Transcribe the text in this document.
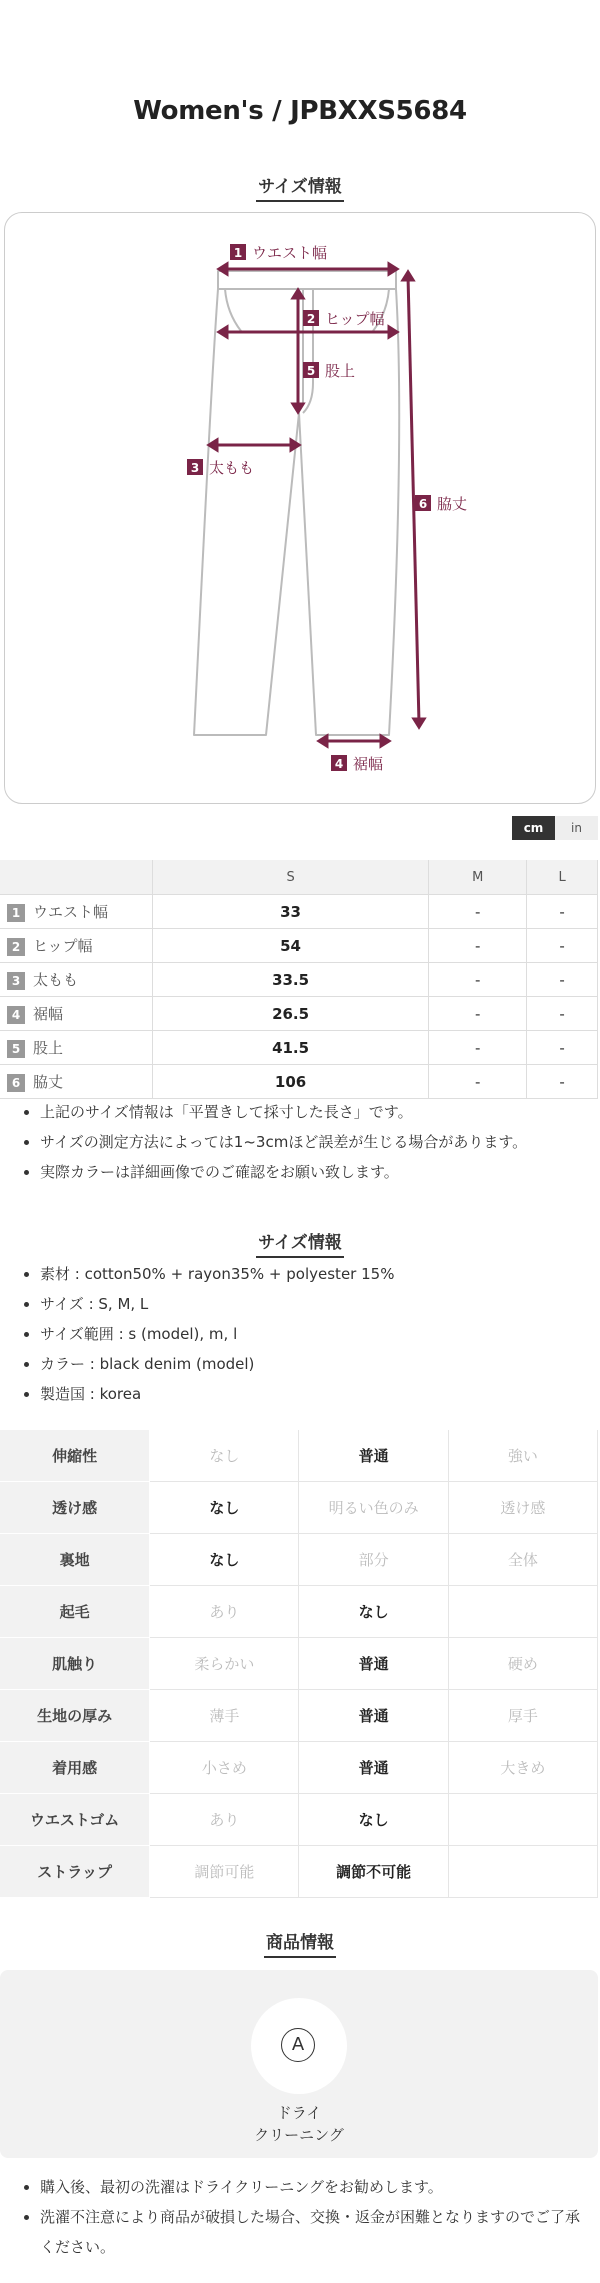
Women's / JPBXXS5684
サイズ情報
1 ウエスト幅
2 ヒップ幅
5 股上
3 太もも
6 脇丈
4 裾幅
cm	in
	S	M	L
1 ウエスト幅	33	-	-
2 ヒップ幅	54	-	-
3 太もも	33.5	-	-
4 裾幅	26.5	-	-
5 股上	41.5	-	-
6 脇丈	106	-	-
• 上記のサイズ情報は「平置きして採寸した長さ」です。
• サイズの測定方法によっては1~3cmほど誤差が生じる場合があります。
• 実際カラーは詳細画像でのご確認をお願い致します。
サイズ情報
• 素材 : cotton50% + rayon35% + polyester 15%
• サイズ : S, M, L
• サイズ範囲 : s (model), m, l
• カラー : black denim (model)
• 製造国 : korea
伸縮性	なし	普通	強い
透け感	なし	明るい色のみ	透け感
裏地	なし	部分	全体
起毛	あり	なし	
肌触り	柔らかい	普通	硬め
生地の厚み	薄手	普通	厚手
着用感	小さめ	普通	大きめ
ウエストゴム	あり	なし	
ストラップ	調節可能	調節不可能	
商品情報
A
ドライ
クリーニング
• 購入後、最初の洗濯はドライクリーニングをお勧めします。
• 洗濯不注意により商品が破損した場合、交換・返金が困難となりますのでご了承ください。
